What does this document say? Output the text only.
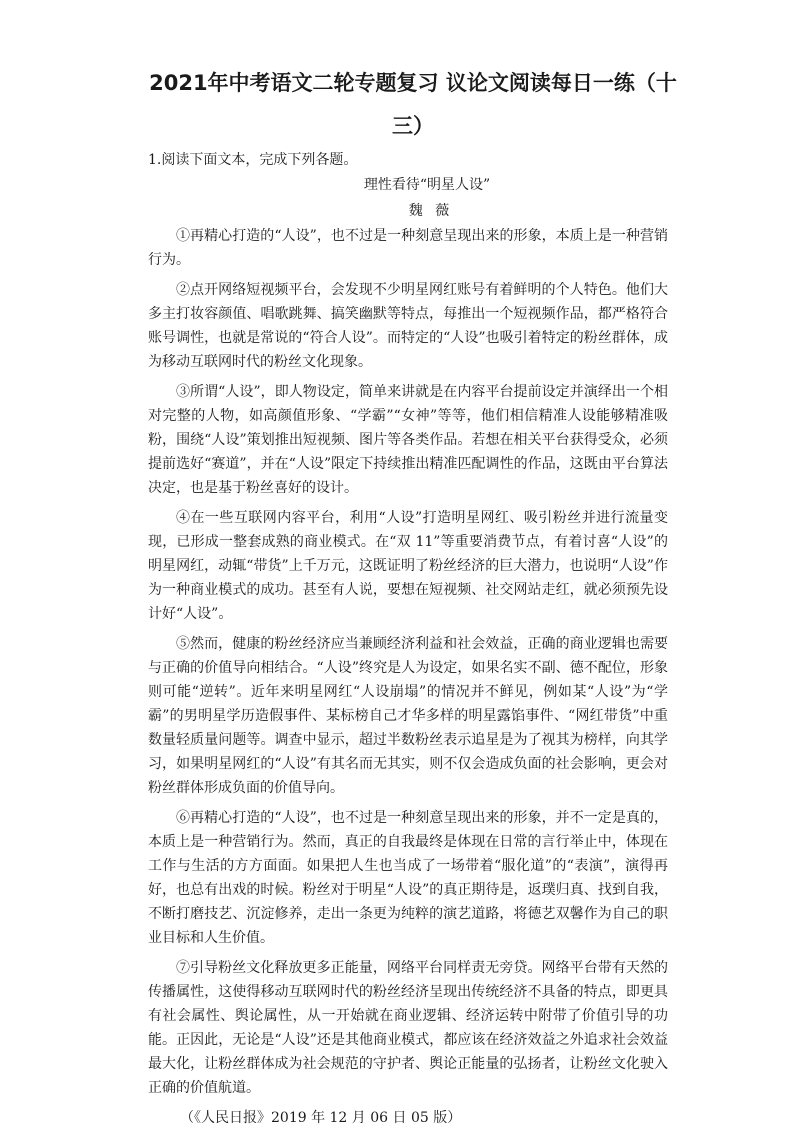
2021年中考语文二轮专题复习 议论文阅读每日一练（十三）

1.阅读下面文本，完成下列各题。

理性看待“明星人设”

魏 薇

①再精心打造的“人设”，也不过是一种刻意呈现出来的形象，本质上是一种营销行为。

②点开网络短视频平台，会发现不少明星网红账号有着鲜明的个人特色。他们大多主打妆容颜值、唱歌跳舞、搞笑幽默等特点，每推出一个短视频作品，都严格符合账号调性，也就是常说的“符合人设”。而特定的“人设”也吸引着特定的粉丝群体，成为移动互联网时代的粉丝文化现象。

③所谓“人设”，即人物设定，简单来讲就是在内容平台提前设定并演绎出一个相对完整的人物，如高颜值形象、“学霸”“女神”等等，他们相信精准人设能够精准吸粉，围绕“人设”策划推出短视频、图片等各类作品。若想在相关平台获得受众，必须提前选好“赛道”，并在“人设”限定下持续推出精准匹配调性的作品，这既由平台算法决定，也是基于粉丝喜好的设计。

④在一些互联网内容平台，利用“人设”打造明星网红、吸引粉丝并进行流量变现，已形成一整套成熟的商业模式。在“双 11”等重要消费节点，有着讨喜“人设”的明星网红，动辄“带货”上千万元，这既证明了粉丝经济的巨大潜力，也说明“人设”作为一种商业模式的成功。甚至有人说，要想在短视频、社交网站走红，就必须预先设计好“人设”。

⑤然而，健康的粉丝经济应当兼顾经济利益和社会效益，正确的商业逻辑也需要与正确的价值导向相结合。“人设”终究是人为设定，如果名实不副、德不配位，形象则可能“逆转”。近年来明星网红“人设崩塌”的情况并不鲜见，例如某“人设”为“学霸”的男明星学历造假事件、某标榜自己才华多样的明星露馅事件、“网红带货”中重数量轻质量问题等。调查中显示，超过半数粉丝表示追星是为了视其为榜样，向其学习，如果明星网红的“人设”有其名而无其实，则不仅会造成负面的社会影响，更会对粉丝群体形成负面的价值导向。

⑥再精心打造的“人设”，也不过是一种刻意呈现出来的形象，并不一定是真的，本质上是一种营销行为。然而，真正的自我最终是体现在日常的言行举止中，体现在工作与生活的方方面面。如果把人生也当成了一场带着“服化道”的“表演”，演得再好，也总有出戏的时候。粉丝对于明星“人设”的真正期待是，返璞归真、找到自我，不断打磨技艺、沉淀修养，走出一条更为纯粹的演艺道路，将德艺双馨作为自己的职业目标和人生价值。

⑦引导粉丝文化释放更多正能量，网络平台同样责无旁贷。网络平台带有天然的传播属性，这使得移动互联网时代的粉丝经济呈现出传统经济不具备的特点，即更具有社会属性、舆论属性，从一开始就在商业逻辑、经济运转中附带了价值引导的功能。正因此，无论是“人设”还是其他商业模式，都应该在经济效益之外追求社会效益最大化，让粉丝群体成为社会规范的守护者、舆论正能量的弘扬者，让粉丝文化驶入正确的价值航道。

（《人民日报》2019 年 12 月 06 日 05 版）
